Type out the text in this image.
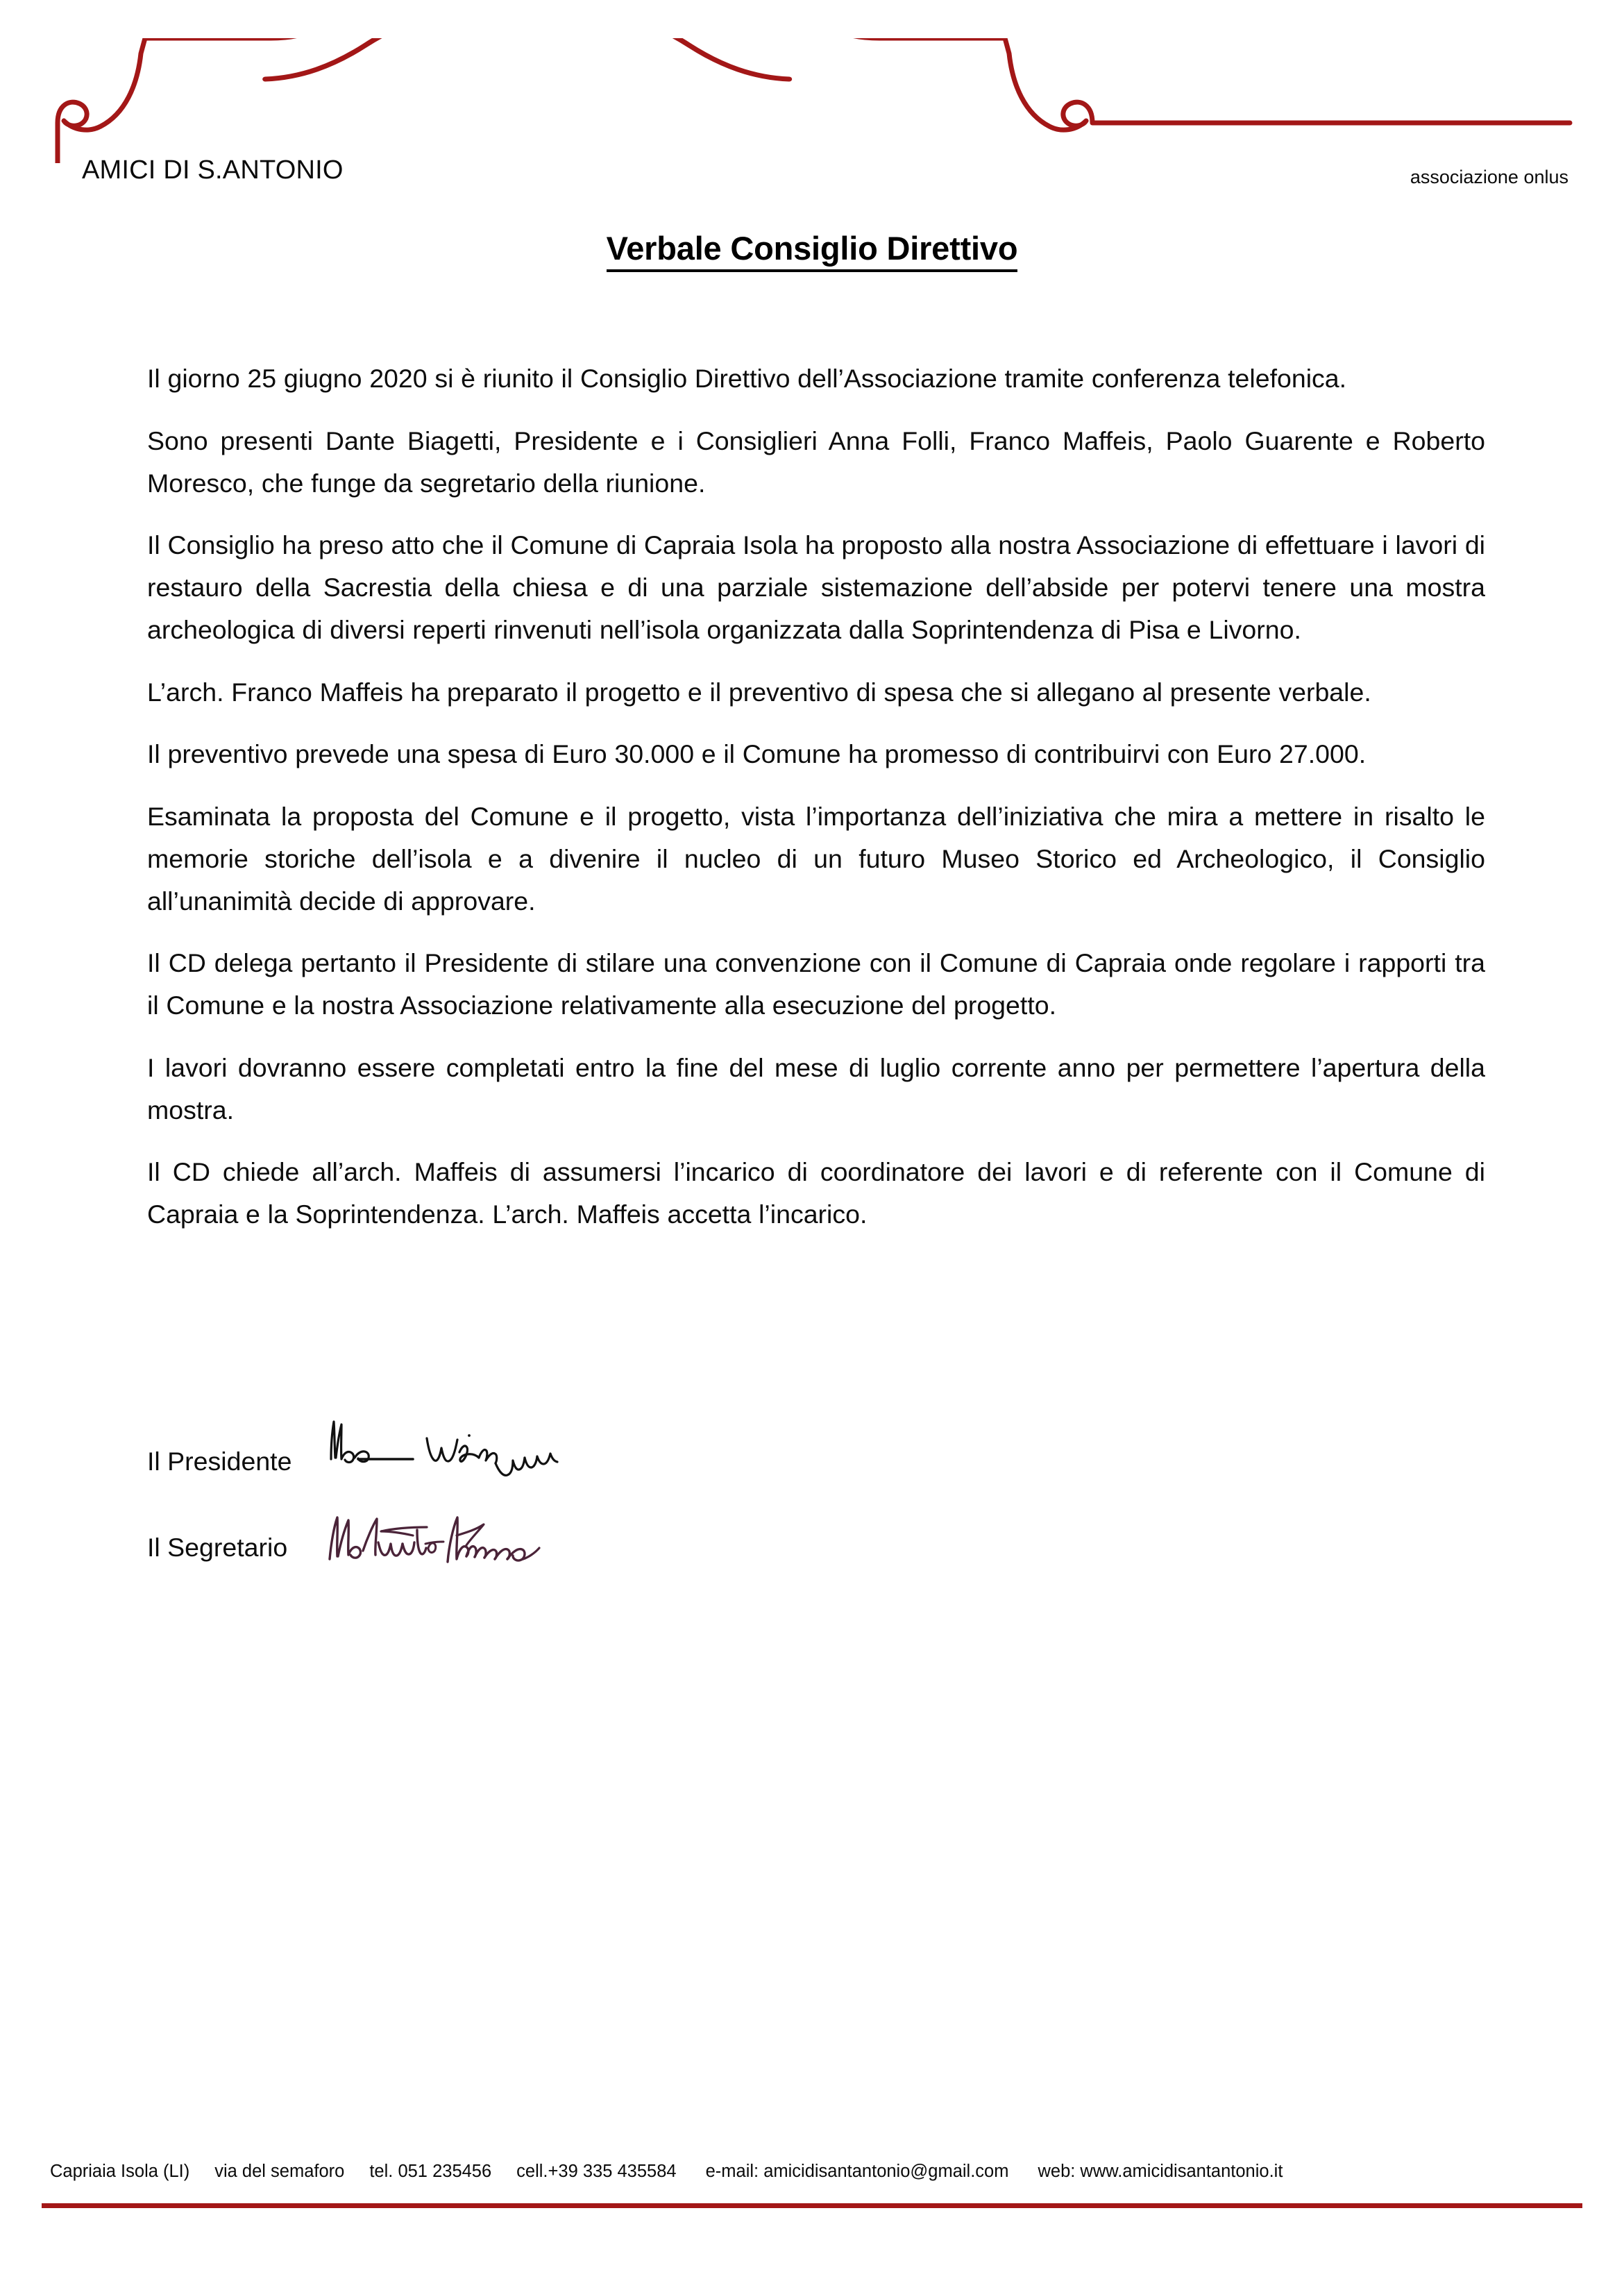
AMICI DI S.ANTONIO	associazione onlus
Verbale Consiglio Direttivo

Il giorno 25 giugno 2020 si è riunito il Consiglio Direttivo dell’Associazione tramite conferenza telefonica.

Sono presenti Dante Biagetti, Presidente e i Consiglieri Anna Folli, Franco Maffeis, Paolo Guarente e Roberto Moresco, che funge da segretario della riunione.

Il Consiglio ha preso atto che il Comune di Capraia Isola ha proposto alla nostra Associazione di effettuare i lavori di restauro della Sacrestia della chiesa e di una parziale sistemazione dell’abside per potervi tenere una mostra archeologica di diversi reperti rinvenuti nell’isola organizzata dalla Soprintendenza di Pisa e Livorno.

L’arch. Franco Maffeis ha preparato il progetto e il preventivo di spesa che si allegano al presente verbale.

Il preventivo prevede una spesa di Euro 30.000 e il Comune ha promesso di contribuirvi con Euro 27.000.

Esaminata la proposta del Comune e il progetto, vista l’importanza dell’iniziativa che mira a mettere in risalto le memorie storiche dell’isola e a divenire il nucleo di un futuro Museo Storico ed Archeologico, il Consiglio all’unanimità decide di approvare.

Il CD delega pertanto il Presidente di stilare una convenzione con il Comune di Capraia onde regolare i rapporti tra il Comune e la nostra Associazione relativamente alla esecuzione del progetto.

I lavori dovranno essere completati entro la fine del mese di luglio corrente anno per permettere l’apertura della mostra.

Il CD chiede all’arch. Maffeis di assumersi l’incarico di coordinatore dei lavori e di referente con il Comune di Capraia e la Soprintendenza. L’arch. Maffeis accetta l’incarico.

Il Presidente
Il Segretario
Capriaia Isola (LI) via del semaforo tel. 051 235456 cell.+39 335 435584 e-mail: amicidisantantonio@gmail.com web: www.amicidisantantonio.it
